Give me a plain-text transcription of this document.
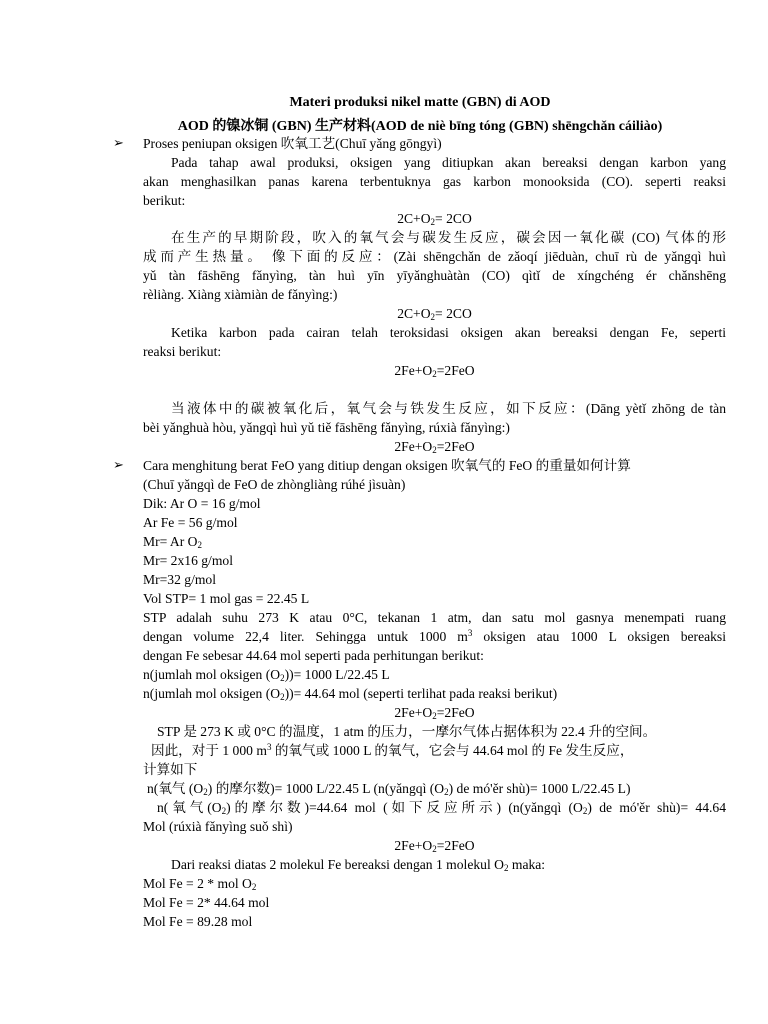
Materi produksi nikel matte (GBN) di AOD
AOD 的镍冰铜 (GBN) 生产材料(AOD de niè bīng tóng (GBN) shēngchǎn cáiliào)
➢ Proses peniupan oksigen 吹氧工艺(Chuī yǎng gōngyì)
Pada tahap awal produksi, oksigen yang ditiupkan akan bereaksi dengan karbon yang
akan menghasilkan panas karena terbentuknya gas karbon monooksida (CO). seperti reaksi
berikut:
$2C+O_2= 2CO$
在生产的早期阶段，吹入的氧气会与碳发生反应，碳会因一氧化碳 (CO) 气体的形
成而产生热量。 像下面的反应：(Zài shēngchǎn de zǎoqí jiēduàn, chuī rù de yǎngqì huì
yǔ tàn fāshēng fǎnyìng, tàn huì yīn yīyǎnghuàtàn (CO) qìtǐ de xíngchéng ér chǎnshēng
rèliàng. Xiàng xiàmiàn de fǎnyìng:)
$2C+O_2= 2CO$
Ketika karbon pada cairan telah teroksidasi oksigen akan bereaksi dengan Fe, seperti
reaksi berikut:
$2Fe+O_2=2FeO$
当液体中的碳被氧化后，氧气会与铁发生反应，如下反应：(Dāng yètǐ zhōng de tàn
bèi yǎnghuà hòu, yǎngqì huì yǔ tiě fāshēng fǎnyìng, rúxià fǎnyìng:)
$2Fe+O_2=2FeO$
➢ Cara menghitung berat FeO yang ditiup dengan oksigen 吹氧气的 FeO 的重量如何计算
(Chuī yǎngqì de FeO de zhòngliàng rúhé jìsuàn)
Dik: Ar O = 16 g/mol
Ar Fe = 56 g/mol
Mr= Ar $O_2$
Mr= 2x16 g/mol
Mr=32 g/mol
Vol STP= 1 mol gas = 22.45 L
STP adalah suhu 273 K atau 0°C, tekanan 1 atm, dan satu mol gasnya menempati ruang
dengan volume 22,4 liter. Sehingga untuk 1000 $m^3$ oksigen atau 1000 L oksigen bereaksi
dengan Fe sebesar 44.64 mol seperti pada perhitungan berikut:
n(jumlah mol oksigen $(O_2))= 1000$ L/22.45 L
n(jumlah mol oksigen $(O_2))= 44.64$ mol (seperti terlihat pada reaksi berikut)
$2Fe+O_2=2FeO$
STP 是 273 K 或 0°C 的温度，1 atm 的压力，一摩尔气体占据体积为 22.4 升的空间。
因此，对于 1 000 $m^3$ 的氧气或 1000 L 的氧气，它会与 44.64 mol 的 Fe 发生反应，
计算如下
n(氧气 $(O_2)$ 的摩尔数)= 1000 L/22.45 L (n(yǎngqì $(O_2)$ de mó'ěr shù)= 1000 L/22.45 L)
n(氧气$(O_2)$的摩尔数)=44.64 mol (如下反应所示) (n(yǎngqì $(O_2)$ de mó'ěr shù)= 44.64
Mol (rúxià fǎnyìng suǒ shì)
$2Fe+O_2=2FeO$
Dari reaksi diatas 2 molekul Fe bereaksi dengan 1 molekul $O_2$ maka:
Mol Fe = 2 * mol $O_2$
Mol Fe = 2* 44.64 mol
Mol Fe = 89.28 mol
